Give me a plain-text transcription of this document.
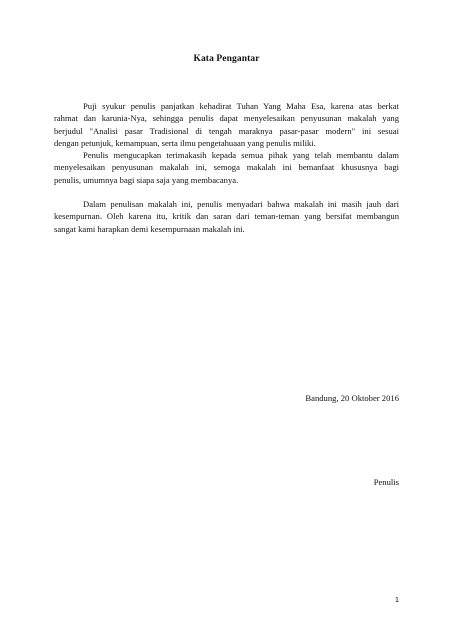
Kata Pengantar

Puji syukur penulis panjatkan kehadirat Tuhan Yang Maha Esa, karena atas berkat
rahmat dan karunia-Nya, sehingga penulis dapat menyelesaikan penyusunan makalah yang
berjudul "Analisi pasar Tradisional di tengah maraknya pasar-pasar modern" ini sesuai
dengan petunjuk, kemampuan, serta ilmu pengetahuaan yang penulis miliki.

Penulis mengucapkan terimakasih kepada semua pihak yang telah membantu dalam
menyelesaikan penyusunan makalah ini, semoga makalah ini bemanfaat khususnya bagi
penulis, umumnya bagi siapa saja yang membacanya.

Dalam penulisan makalah ini, penulis menyadari bahwa makalah ini masih jauh dari
kesempurnan. Oleh karena itu, kritik dan saran dari teman-teman yang bersifat membangun
sangat kami harapkan demi kesempurnaan makalah ini.

Bandung, 20 Oktober 2016
Penulis
1
